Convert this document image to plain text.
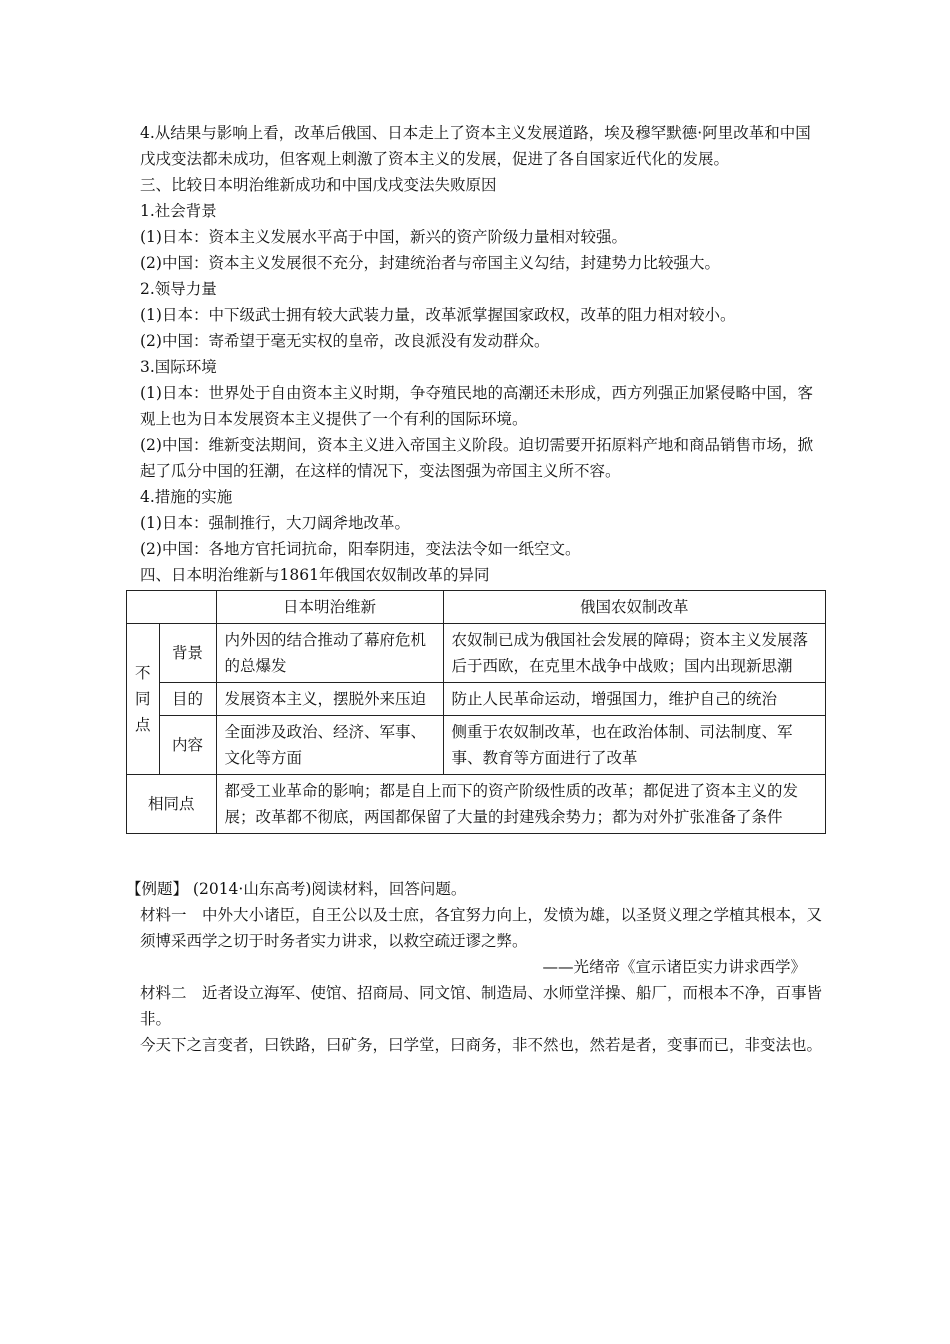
4.从结果与影响上看，改革后俄国、日本走上了资本主义发展道路，埃及穆罕默德·阿里改革和中国戊戌变法都未成功，但客观上刺激了资本主义的发展，促进了各自国家近代化的发展。

三、比较日本明治维新成功和中国戊戌变法失败原因

1.社会背景

(1)日本：资本主义发展水平高于中国，新兴的资产阶级力量相对较强。

(2)中国：资本主义发展很不充分，封建统治者与帝国主义勾结，封建势力比较强大。

2.领导力量

(1)日本：中下级武士拥有较大武装力量，改革派掌握国家政权，改革的阻力相对较小。

(2)中国：寄希望于毫无实权的皇帝，改良派没有发动群众。

3.国际环境

(1)日本：世界处于自由资本主义时期，争夺殖民地的高潮还未形成，西方列强正加紧侵略中国，客观上也为日本发展资本主义提供了一个有利的国际环境。

(2)中国：维新变法期间，资本主义进入帝国主义阶段。迫切需要开拓原料产地和商品销售市场，掀起了瓜分中国的狂潮，在这样的情况下，变法图强为帝国主义所不容。

4.措施的实施

(1)日本：强制推行，大刀阔斧地改革。

(2)中国：各地方官托词抗命，阳奉阴违，变法法令如一纸空文。

四、日本明治维新与1861年俄国农奴制改革的异同

		日本明治维新	俄国农奴制改革
不同点	背景	内外因的结合推动了幕府危机的总爆发	农奴制已成为俄国社会发展的障碍；资本主义发展落后于西欧，在克里木战争中战败；国内出现新思潮
	目的	发展资本主义，摆脱外来压迫	防止人民革命运动，增强国力，维护自己的统治
	内容	全面涉及政治、经济、军事、文化等方面	侧重于农奴制改革，也在政治体制、司法制度、军事、教育等方面进行了改革
相同点		都受工业革命的影响；都是自上而下的资产阶级性质的改革；都促进了资本主义的发展；改革都不彻底，两国都保留了大量的封建残余势力；都为对外扩张准备了条件	

【例题】 (2014·山东高考)阅读材料，回答问题。

材料一　中外大小诸臣，自王公以及士庶，各宜努力向上，发愤为雄，以圣贤义理之学植其根本，又须博采西学之切于时务者实力讲求，以救空疏迂谬之弊。

——光绪帝《宣示诸臣实力讲求西学》

材料二　近者设立海军、使馆、招商局、同文馆、制造局、水师堂洋操、船厂，而根本不净，百事皆非。

今天下之言变者，曰铁路，曰矿务，曰学堂，曰商务，非不然也，然若是者，变事而已，非变法也。
